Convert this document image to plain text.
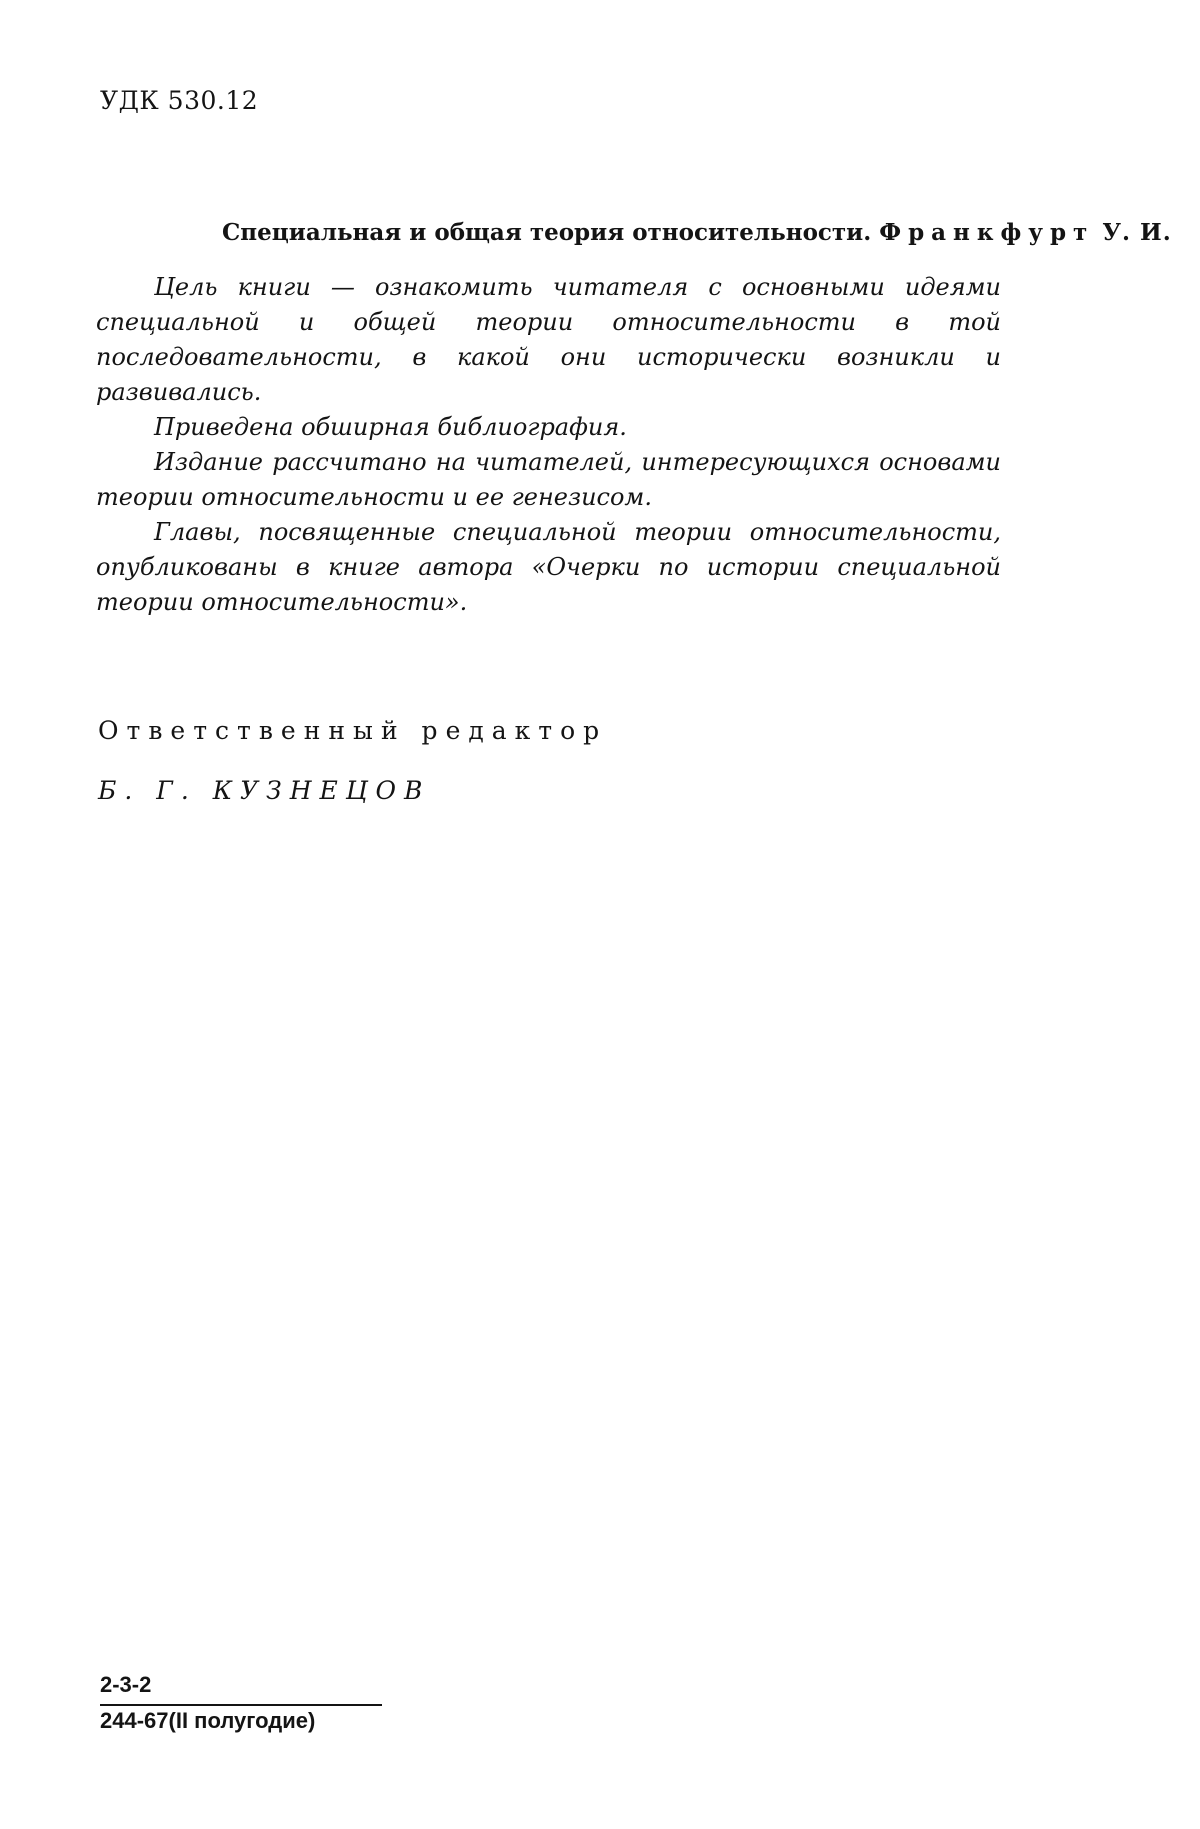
УДК 530.12
Специальная и общая теория относительности. Франкфурт У. И.

Цель книги — ознакомить читателя с основными идеями специальной и общей теории относительности в той последовательности, в какой они исторически возникли и развивались.

Приведена обширная библиография.

Издание рассчитано на читателей, интересующихся основами теории относительности и ее генезисом.

Главы, посвященные специальной теории относительности, опубликованы в книге автора «Очерки по истории специальной теории относительности».

Ответственный редактор
Б. Г. КУЗНЕЦОВ
2-3-2
244-67(II полугодие)
